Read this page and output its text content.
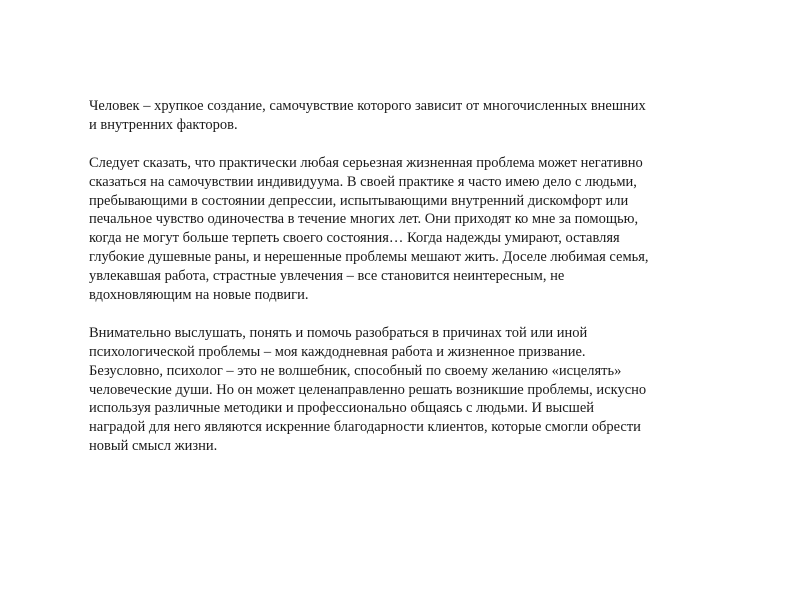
Человек – хрупкое создание, самочувствие которого зависит от многочисленных внешних
и внутренних факторов.

Следует сказать, что практически любая серьезная жизненная проблема может негативно
сказаться на самочувствии индивидуума. В своей практике я часто имею дело с людьми,
пребывающими в состоянии депрессии, испытывающими внутренний дискомфорт или
печальное чувство одиночества в течение многих лет. Они приходят ко мне за помощью,
когда не могут больше терпеть своего состояния… Когда надежды умирают, оставляя
глубокие душевные раны, и нерешенные проблемы мешают жить. Доселе любимая семья,
увлекавшая работа, страстные увлечения – все становится неинтересным, не
вдохновляющим на новые подвиги.

Внимательно выслушать, понять и помочь разобраться в причинах той или иной
психологической проблемы – моя каждодневная работа и жизненное призвание.
Безусловно, психолог – это не волшебник, способный по своему желанию «исцелять»
человеческие души. Но он может целенаправленно решать возникшие проблемы, искусно
используя различные методики и профессионально общаясь с людьми. И высшей
наградой для него являются искренние благодарности клиентов, которые смогли обрести
новый смысл жизни.
